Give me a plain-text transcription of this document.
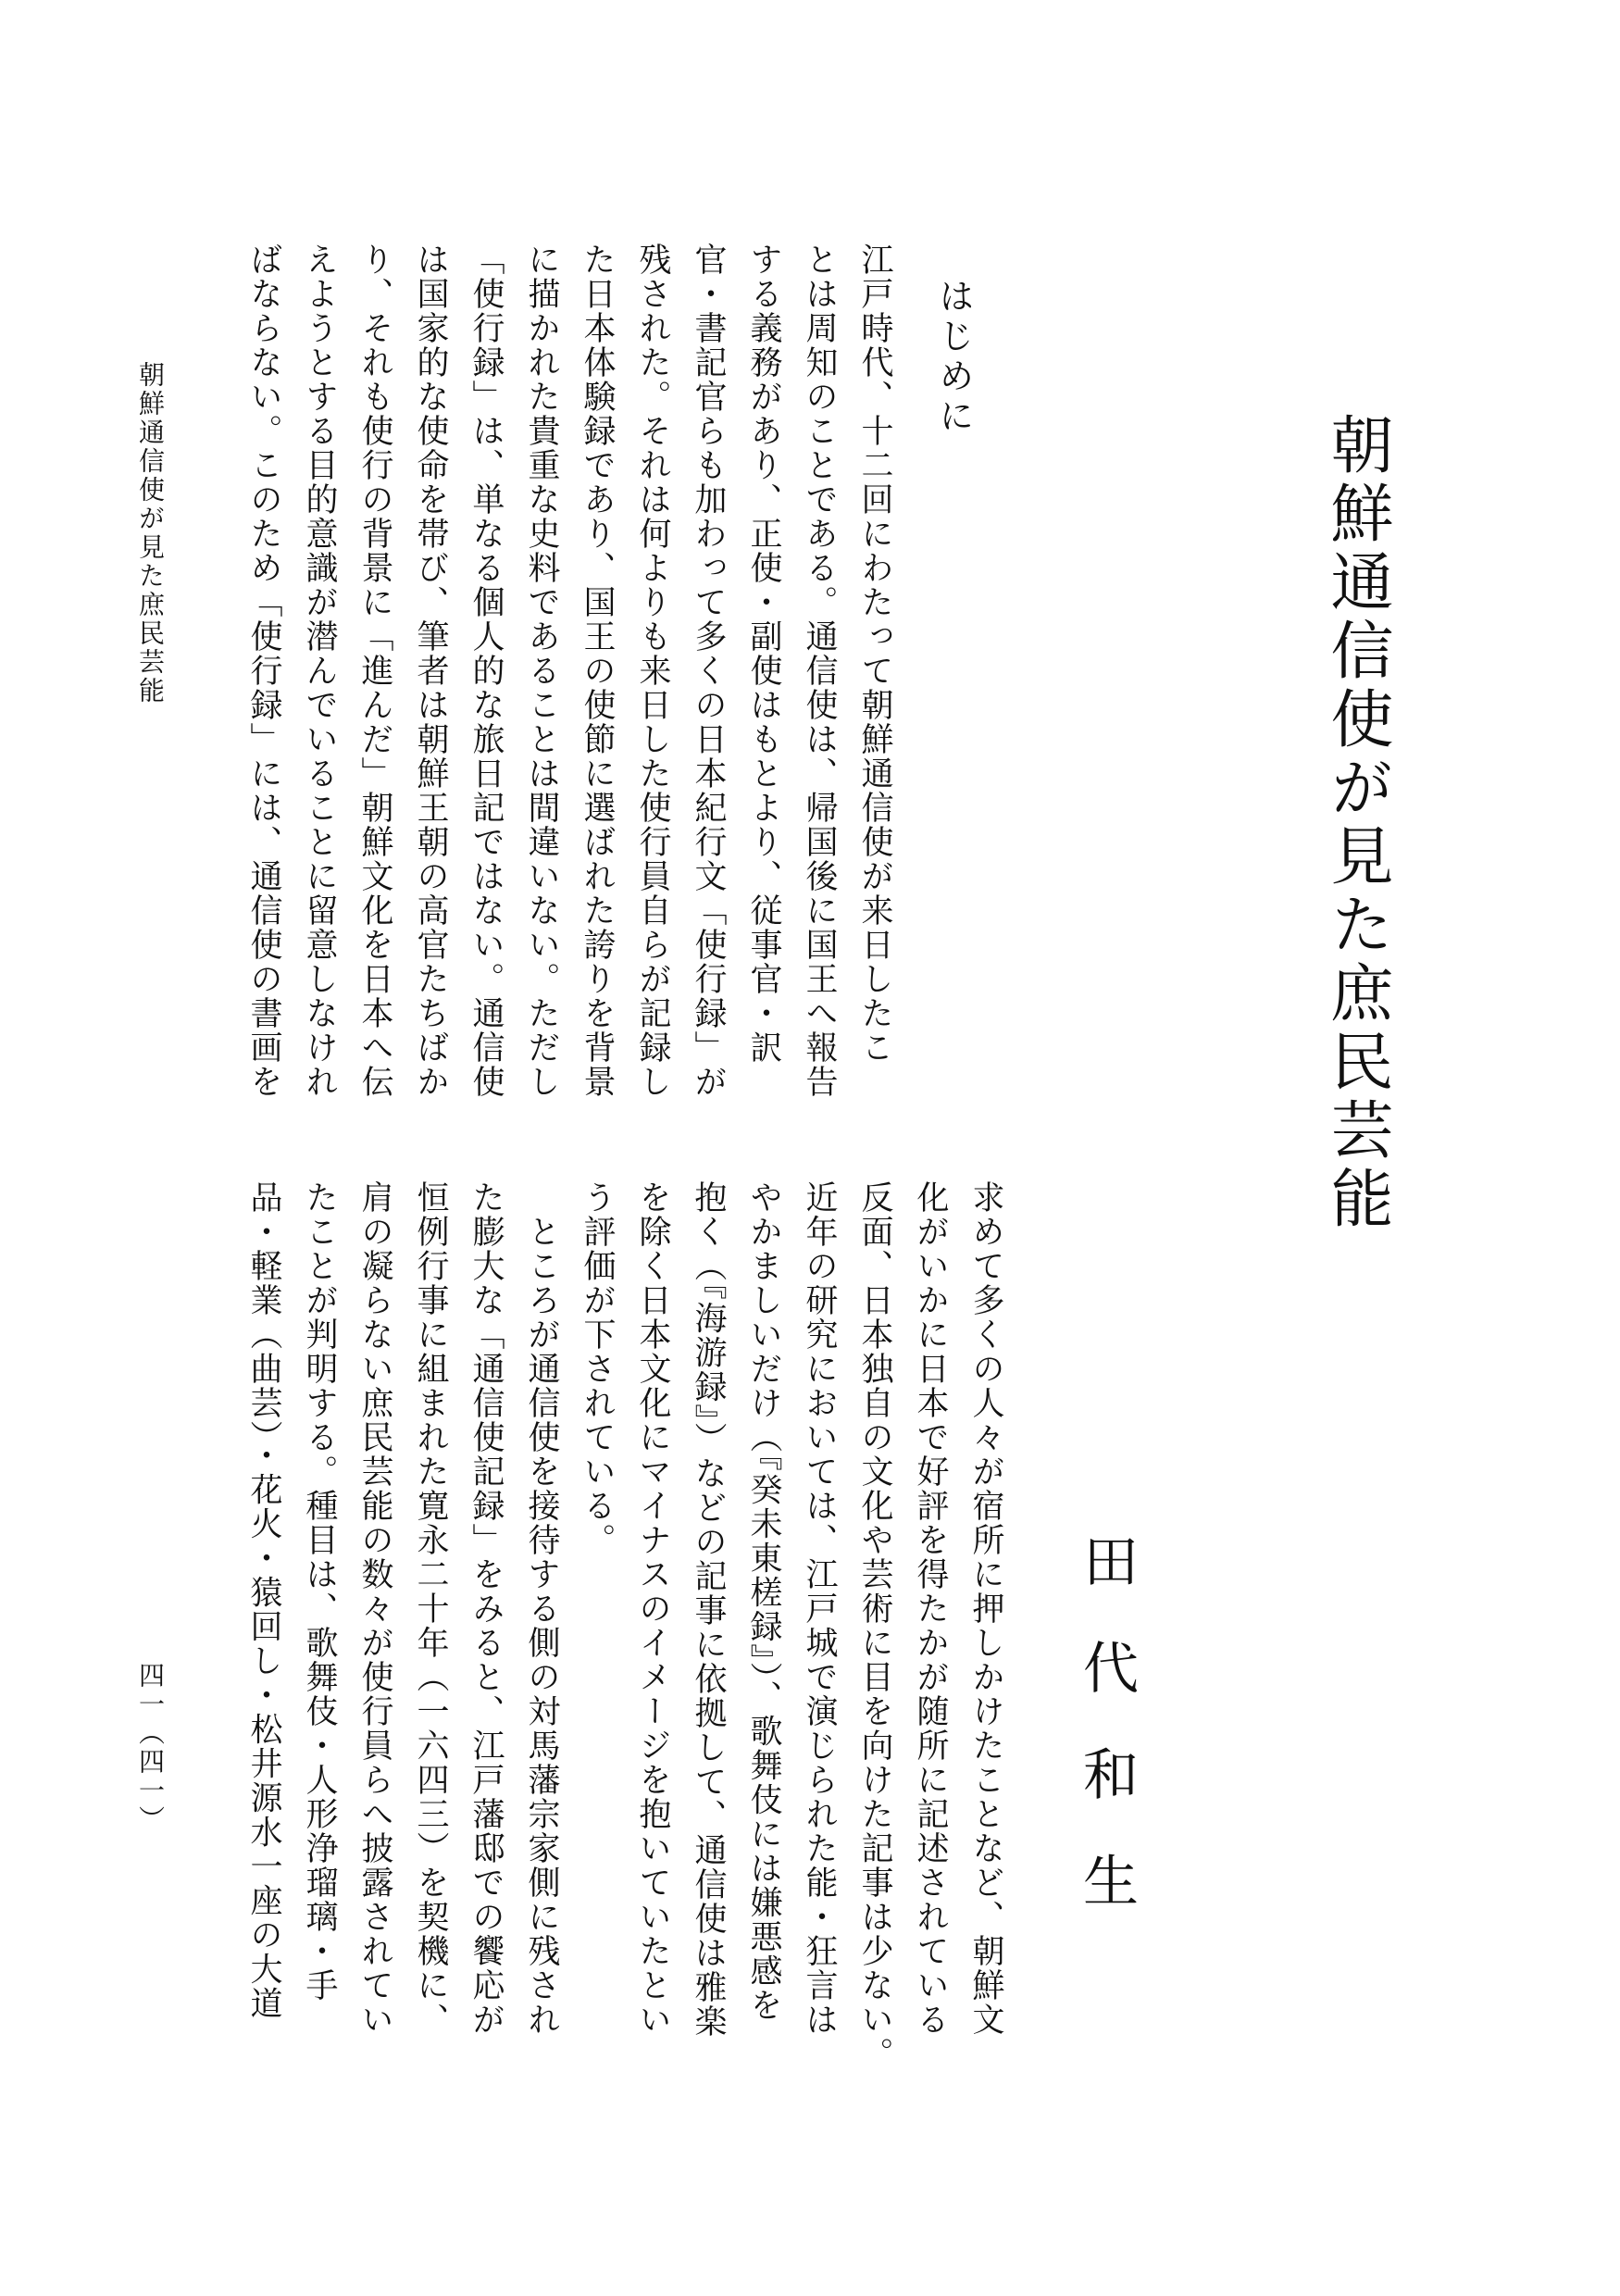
朝鮮通信使が見た庶民芸能
田代和生
はじめに
江戸時代、十二回にわたって朝鮮通信使が来日したこ
とは周知のことである。通信使は、帰国後に国王へ報告
する義務があり、正使・副使はもとより、従事官・訳
官・書記官らも加わって多くの日本紀行文「使行録」が
残された。それは何よりも来日した使行員自らが記録し
た日本体験録であり、国王の使節に選ばれた誇りを背景
に描かれた貴重な史料であることは間違いない。ただし
「使行録」は、単なる個人的な旅日記ではない。通信使
は国家的な使命を帯び、筆者は朝鮮王朝の高官たちばか
り、それも使行の背景に「進んだ」朝鮮文化を日本へ伝
えようとする目的意識が潜んでいることに留意しなけれ
ばならない。このため「使行録」には、通信使の書画を
求めて多くの人々が宿所に押しかけたことなど、朝鮮文
化がいかに日本で好評を得たかが随所に記述されている
反面、日本独自の文化や芸術に目を向けた記事は少ない。
近年の研究においては、江戸城で演じられた能・狂言は
やかましいだけ（『癸未東槎録』）、歌舞伎には嫌悪感を
抱く（『海游録』）などの記事に依拠して、通信使は雅楽
を除く日本文化にマイナスのイメージを抱いていたとい
う評価が下されている。
　ところが通信使を接待する側の対馬藩宗家側に残され
た膨大な「通信使記録」をみると、江戸藩邸での饗応が
恒例行事に組まれた寛永二十年（一六四三）を契機に、
肩の凝らない庶民芸能の数々が使行員らへ披露されてい
たことが判明する。種目は、歌舞伎・人形浄瑠璃・手
品・軽業（曲芸）・花火・猿回し・松井源水一座の大道
朝鮮通信使が見た庶民芸能
四一（四一）
